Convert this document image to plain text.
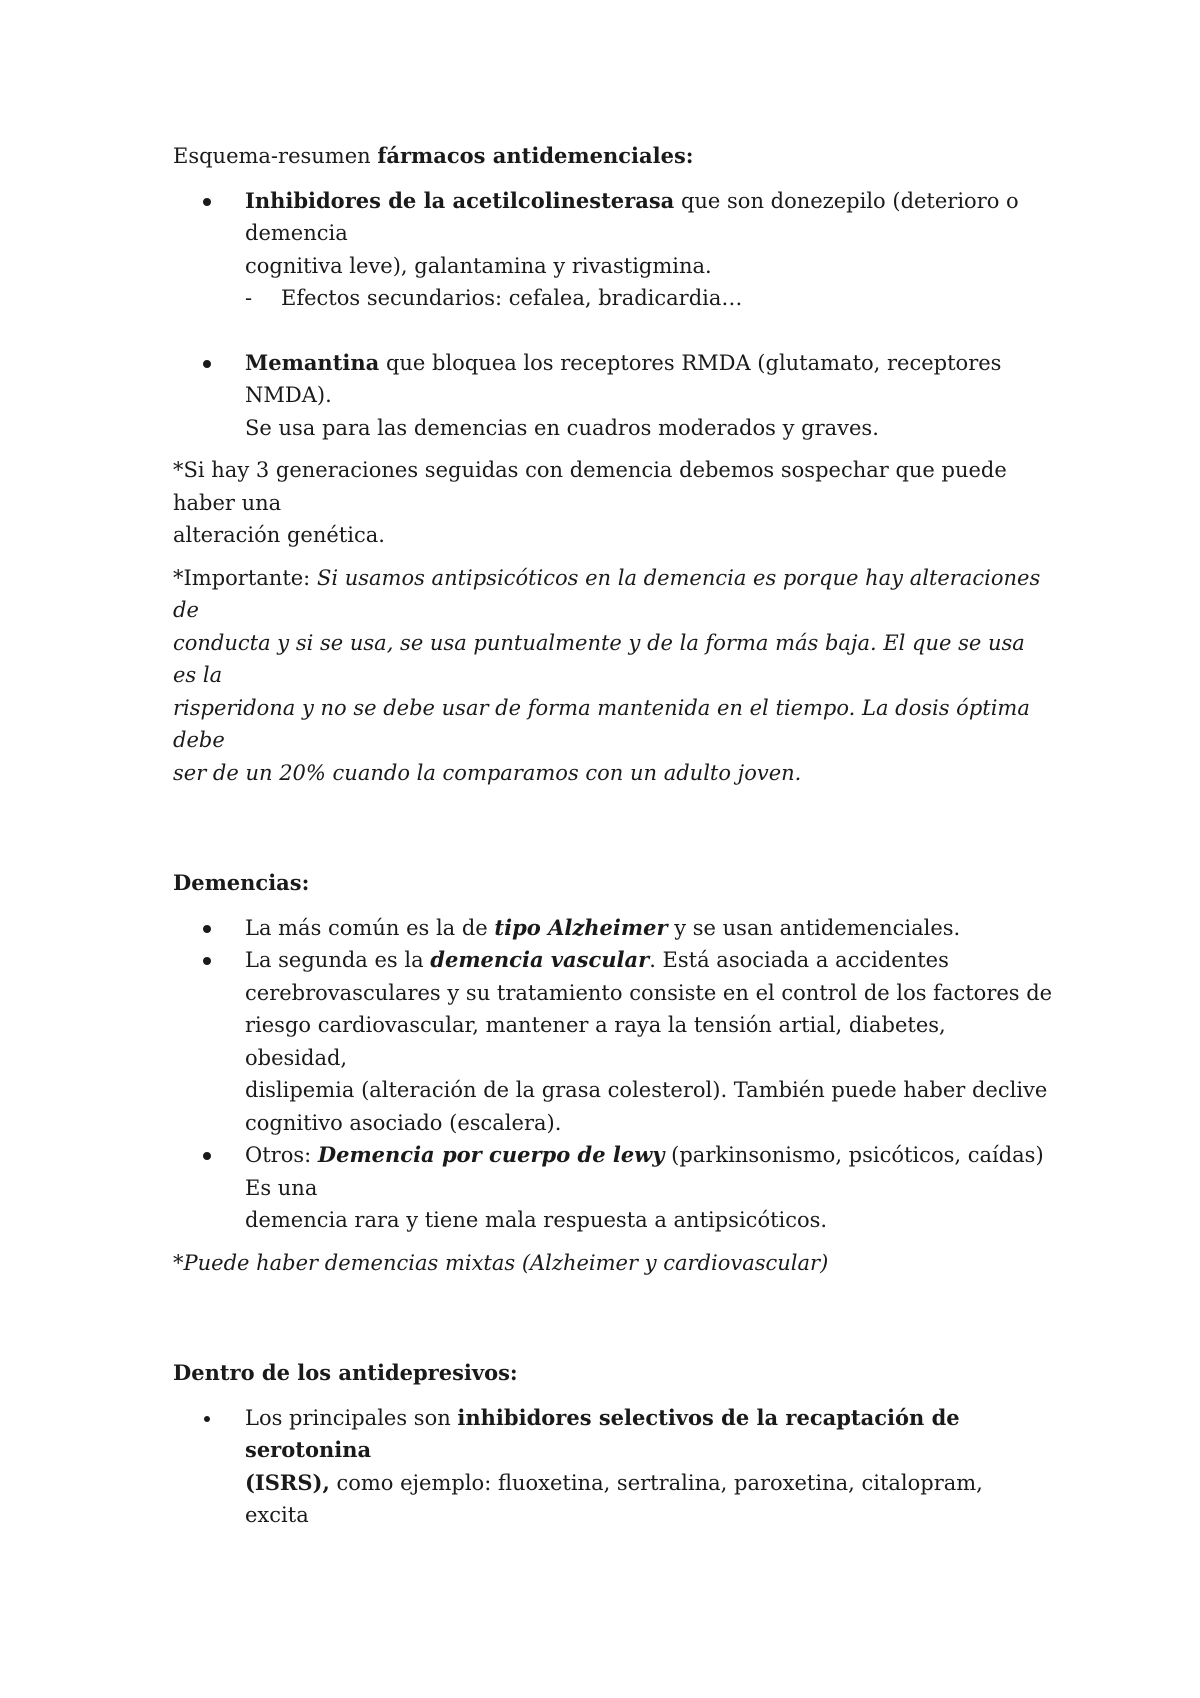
Esquema-resumen fármacos antidemenciales:

Inhibidores de la acetilcolinesterasa que son donezepilo (deterioro o demencia
cognitiva leve), galantamina y rivastigmina.
- Efectos secundarios: cefalea, bradicardia…
Memantina que bloquea los receptores RMDA (glutamato, receptores NMDA).
Se usa para las demencias en cuadros moderados y graves.
*Si hay 3 generaciones seguidas con demencia debemos sospechar que puede haber una
alteración genética.
*Importante: Si usamos antipsicóticos en la demencia es porque hay alteraciones de
conducta y si se usa, se usa puntualmente y de la forma más baja. El que se usa es la
risperidona y no se debe usar de forma mantenida en el tiempo. La dosis óptima debe
ser de un 20% cuando la comparamos con un adulto joven.

Demencias:

La más común es la de tipo Alzheimer y se usan antidemenciales.
La segunda es la demencia vascular. Está asociada a accidentes
cerebrovasculares y su tratamiento consiste en el control de los factores de
riesgo cardiovascular, mantener a raya la tensión artial, diabetes, obesidad,
dislipemia (alteración de la grasa colesterol). También puede haber declive
cognitivo asociado (escalera).
Otros: Demencia por cuerpo de lewy (parkinsonismo, psicóticos, caídas) Es una
demencia rara y tiene mala respuesta a antipsicóticos.

*Puede haber demencias mixtas (Alzheimer y cardiovascular)

Dentro de los antidepresivos:

Los principales son inhibidores selectivos de la recaptación de serotonina
(ISRS), como ejemplo: fluoxetina, sertralina, paroxetina, citalopram, excita
